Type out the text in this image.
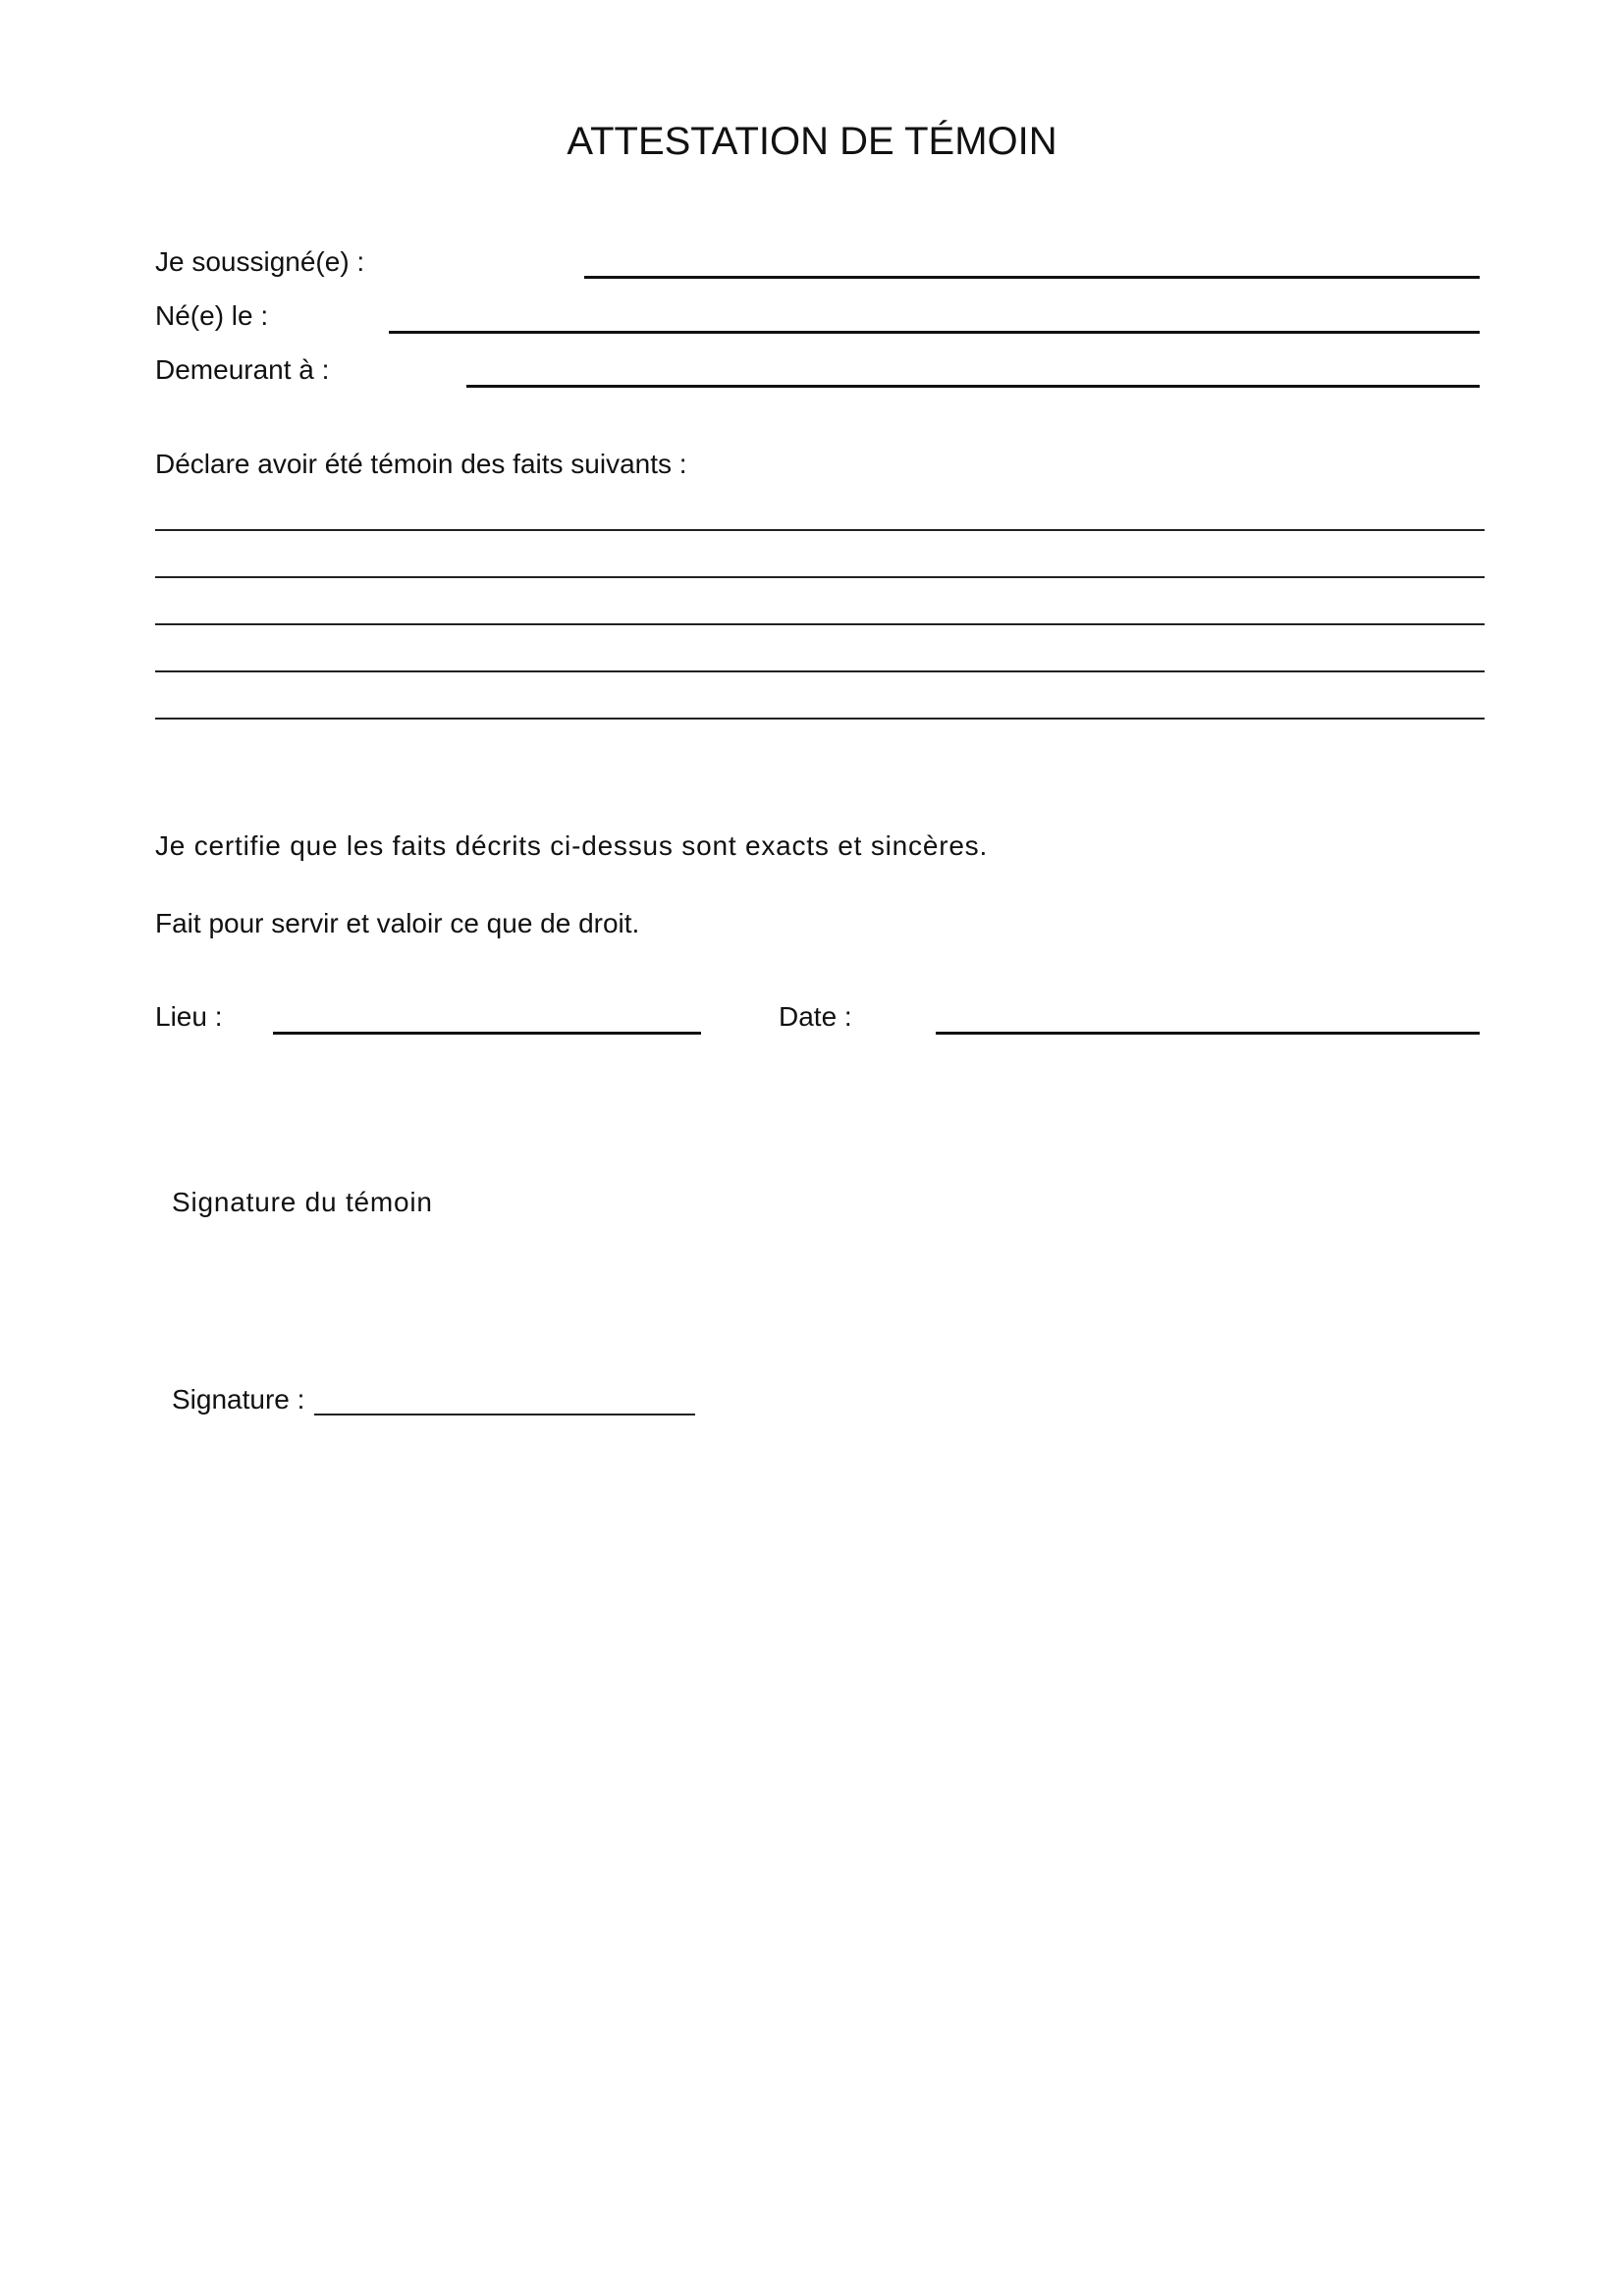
ATTESTATION DE TÉMOIN
Je soussigné(e) :
Né(e) le :
Demeurant à :
Déclare avoir été témoin des faits suivants :
Je certifie que les faits décrits ci-dessus sont exacts et sincères.
Fait pour servir et valoir ce que de droit.
Lieu :	Date :
Signature du témoin
Signature :
